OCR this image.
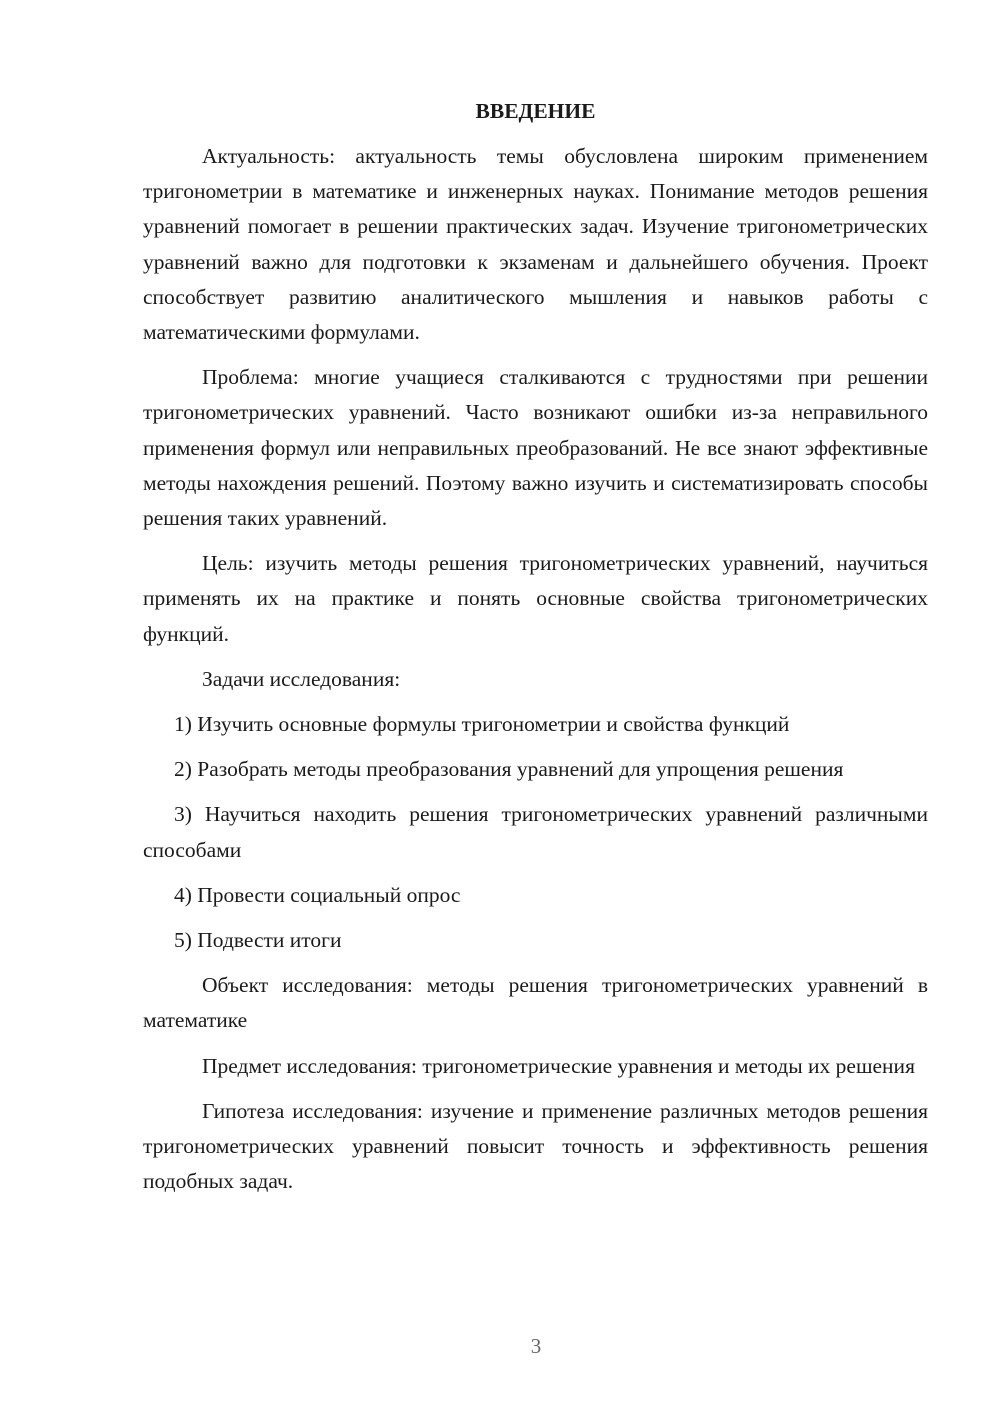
ВВЕДЕНИЕ

Актуальность: актуальность темы обусловлена широким применением тригонометрии в математике и инженерных науках. Понимание методов решения уравнений помогает в решении практических задач. Изучение тригонометрических уравнений важно для подготовки к экзаменам и дальнейшего обучения. Проект способствует развитию аналитического мышления и навыков работы с математическими формулами.

Проблема: многие учащиеся сталкиваются с трудностями при решении тригонометрических уравнений. Часто возникают ошибки из-за неправильного применения формул или неправильных преобразований. Не все знают эффективные методы нахождения решений. Поэтому важно изучить и систематизировать способы решения таких уравнений.

Цель: изучить методы решения тригонометрических уравнений, научиться применять их на практике и понять основные свойства тригонометрических функций.

Задачи исследования:

1) Изучить основные формулы тригонометрии и свойства функций

2) Разобрать методы преобразования уравнений для упрощения решения

3) Научиться находить решения тригонометрических уравнений различными способами

4) Провести социальный опрос

5) Подвести итоги

Объект исследования: методы решения тригонометрических уравнений в математике

Предмет исследования: тригонометрические уравнения и методы их решения

Гипотеза исследования: изучение и применение различных методов решения тригонометрических уравнений повысит точность и эффективность решения подобных задач.

3
